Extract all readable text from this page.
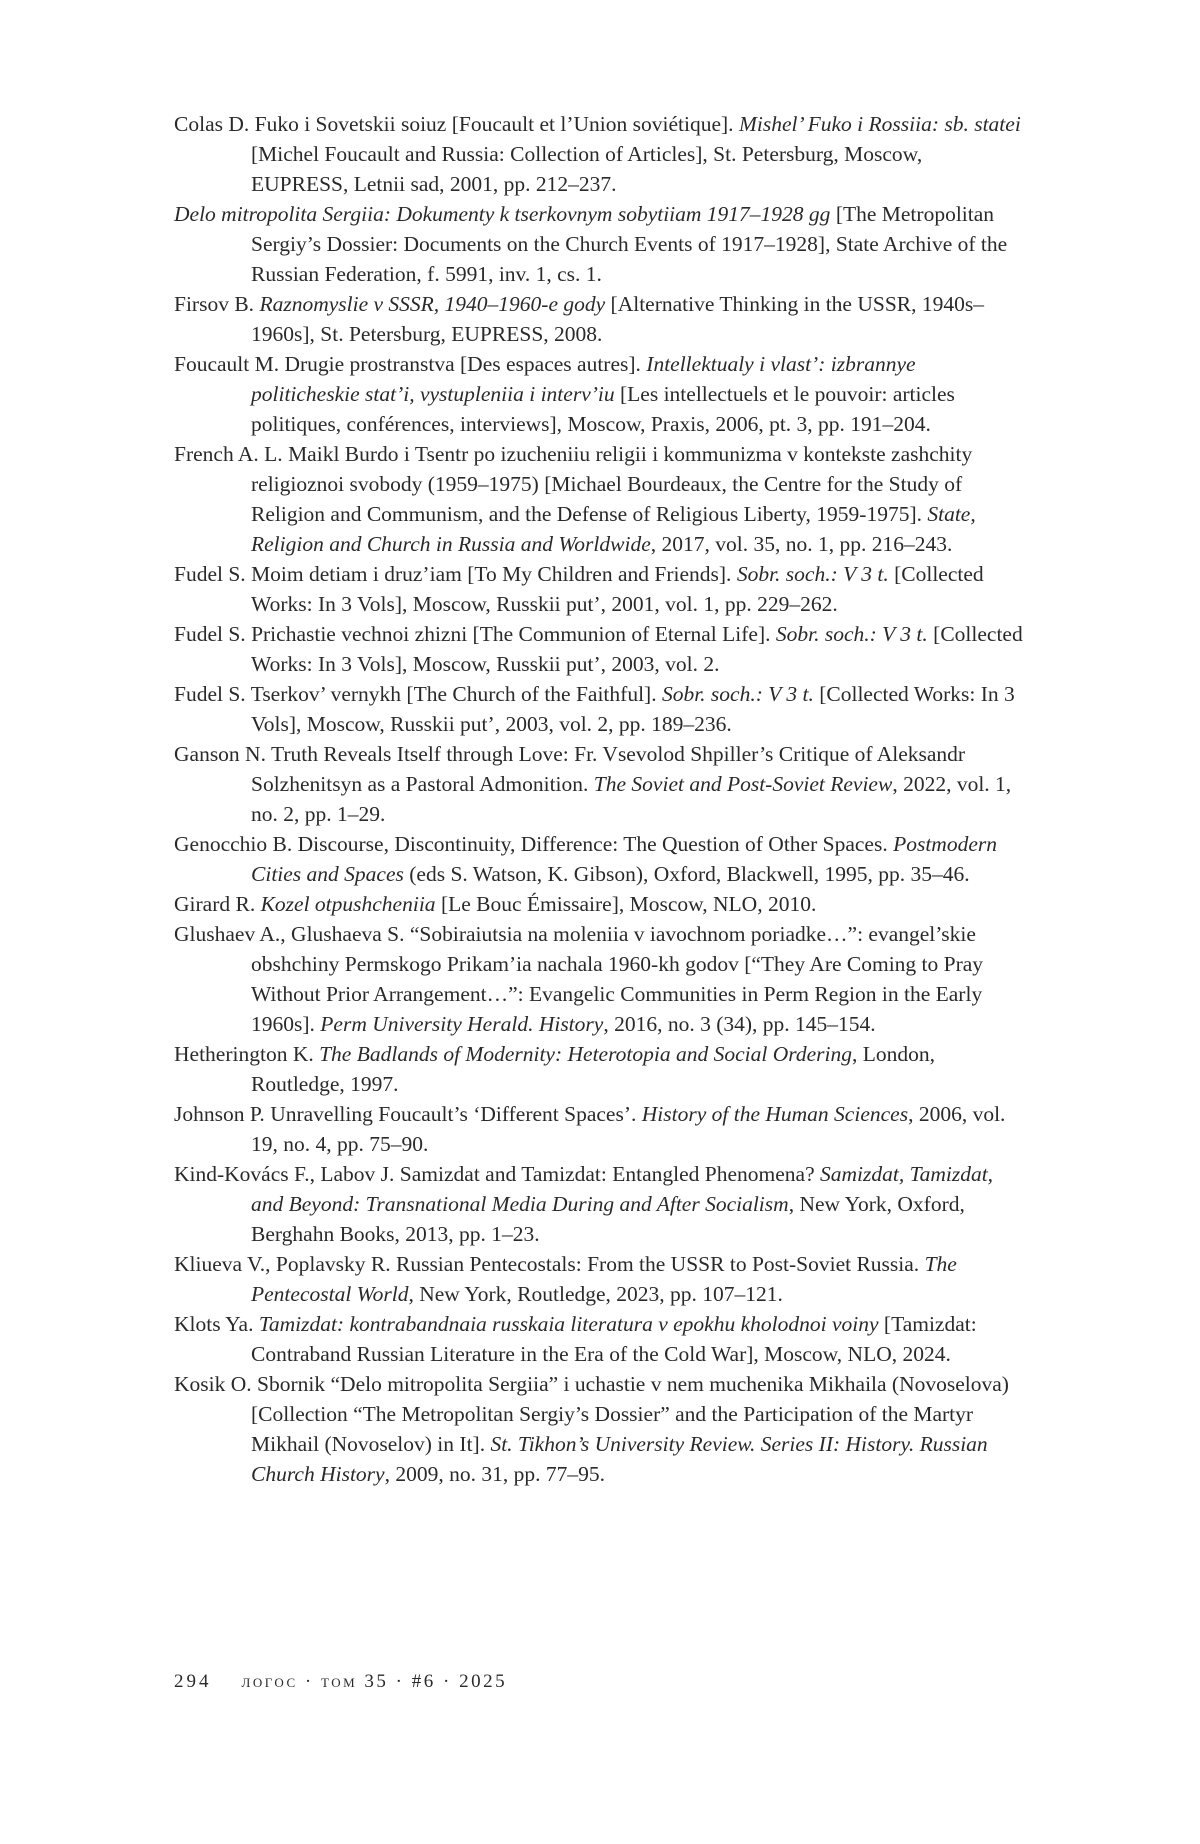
Colas D. Fuko i Sovetskii soiuz [Foucault et l’Union soviétique]. Mishel’ Fuko i Rossiia: sb. statei [Michel Foucault and Russia: Collection of Articles], St. Petersburg, Moscow, EUPRESS, Letnii sad, 2001, pp. 212–237.
Delo mitropolita Sergiia: Dokumenty k tserkovnym sobytiiam 1917–1928 gg [The Metropolitan Sergiy’s Dossier: Documents on the Church Events of 1917–1928], State Archive of the Russian Federation, f. 5991, inv. 1, cs. 1.
Firsov B. Raznomyslie v SSSR, 1940–1960-e gody [Alternative Thinking in the USSR, 1940s–1960s], St. Petersburg, EUPRESS, 2008.
Foucault M. Drugie prostranstva [Des espaces autres]. Intellektualy i vlast’: izbrannye politicheskie stat’i, vystupleniia i interv’iu [Les intellectuels et le pouvoir: articles politiques, conférences, interviews], Moscow, Praxis, 2006, pt. 3, pp. 191–204.
French A. L. Maikl Burdo i Tsentr po izucheniiu religii i kommunizma v kontekste zashchity religioznoi svobody (1959–1975) [Michael Bourdeaux, the Centre for the Study of Religion and Communism, and the Defense of Religious Liberty, 1959-1975]. State, Religion and Church in Russia and Worldwide, 2017, vol. 35, no. 1, pp. 216–243.
Fudel S. Moim detiam i druz’iam [To My Children and Friends]. Sobr. soch.: V 3 t. [Collected Works: In 3 Vols], Moscow, Russkii put’, 2001, vol. 1, pp. 229–262.
Fudel S. Prichastie vechnoi zhizni [The Communion of Eternal Life]. Sobr. soch.: V 3 t. [Collected Works: In 3 Vols], Moscow, Russkii put’, 2003, vol. 2.
Fudel S. Tserkov’ vernykh [The Church of the Faithful]. Sobr. soch.: V 3 t. [Collected Works: In 3 Vols], Moscow, Russkii put’, 2003, vol. 2, pp. 189–236.
Ganson N. Truth Reveals Itself through Love: Fr. Vsevolod Shpiller’s Critique of Aleksandr Solzhenitsyn as a Pastoral Admonition. The Soviet and Post-Soviet Review, 2022, vol. 1, no. 2, pp. 1–29.
Genocchio B. Discourse, Discontinuity, Difference: The Question of Other Spaces. Postmodern Cities and Spaces (eds S. Watson, K. Gibson), Oxford, Blackwell, 1995, pp. 35–46.
Girard R. Kozel otpushcheniia [Le Bouc Émissaire], Moscow, NLO, 2010.
Glushaev A., Glushaeva S. “Sobiraiutsia na moleniia v iavochnom poriadke…”: evangel’skie obshchiny Permskogo Prikam’ia nachala 1960-kh godov [“They Are Coming to Pray Without Prior Arrangement…”: Evangelic Communities in Perm Region in the Early 1960s]. Perm University Herald. History, 2016, no. 3 (34), pp. 145–154.
Hetherington K. The Badlands of Modernity: Heterotopia and Social Ordering, London, Routledge, 1997.
Johnson P. Unravelling Foucault’s ‘Different Spaces’. History of the Human Sciences, 2006, vol. 19, no. 4, pp. 75–90.
Kind-Kovács F., Labov J. Samizdat and Tamizdat: Entangled Phenomena? Samizdat, Tamizdat, and Beyond: Transnational Media During and After Socialism, New York, Oxford, Berghahn Books, 2013, pp. 1–23.
Kliueva V., Poplavsky R. Russian Pentecostals: From the USSR to Post-Soviet Russia. The Pentecostal World, New York, Routledge, 2023, pp. 107–121.
Klots Ya. Tamizdat: kontrabandnaia russkaia literatura v epokhu kholodnoi voiny [Tamizdat: Contraband Russian Literature in the Era of the Cold War], Moscow, NLO, 2024.
Kosik O. Sbornik “Delo mitropolita Sergiia” i uchastie v nem muchenika Mikhaila (Novoselova) [Collection “The Metropolitan Sergiy’s Dossier” and the Participation of the Martyr Mikhail (Novoselov) in It]. St. Tikhon’s University Review. Series II: History. Russian Church History, 2009, no. 31, pp. 77–95.
294 логос · том 35 · #6 · 2025
